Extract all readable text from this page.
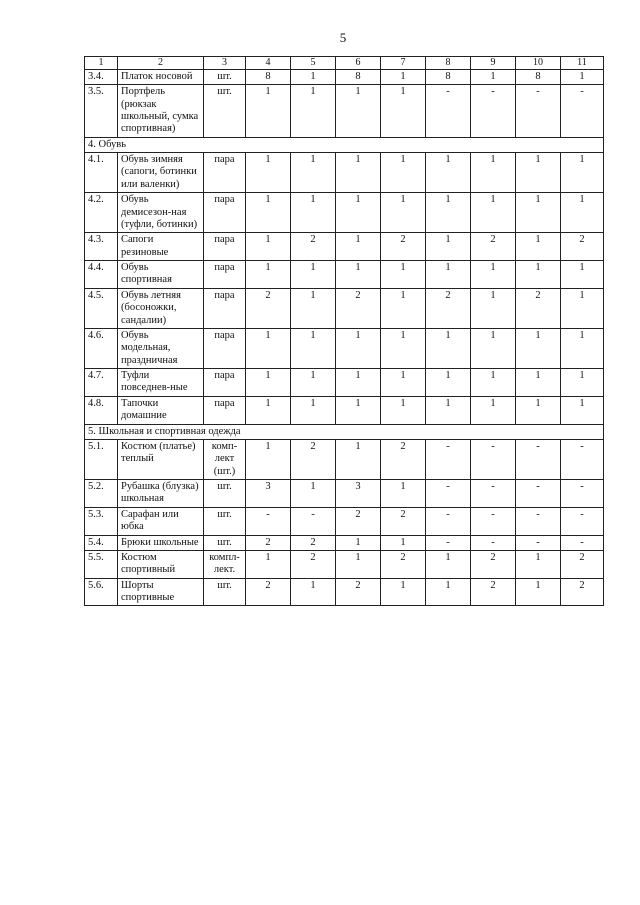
5
1	2	3	4	5	6	7	8	9	10	11
3.4.	Платок носовой	шт.	8	1	8	1	8	1	8	1
3.5.	Портфель (рюкзак школьный, сумка спортивная)	шт.	1	1	1	1	-	-	-	-
4. Обувь										
4.1.	Обувь зимняя (сапоги, ботинки или валенки)	пара	1	1	1	1	1	1	1	1
4.2.	Обувь демисезон-ная (туфли, ботинки)	пара	1	1	1	1	1	1	1	1
4.3.	Сапоги резиновые	пара	1	2	1	2	1	2	1	2
4.4.	Обувь спортивная	пара	1	1	1	1	1	1	1	1
4.5.	Обувь летняя (босоножки, сандалии)	пара	2	1	2	1	2	1	2	1
4.6.	Обувь модельная, праздничная	пара	1	1	1	1	1	1	1	1
4.7.	Туфли повседнев-ные	пара	1	1	1	1	1	1	1	1
4.8.	Тапочки домашние	пара	1	1	1	1	1	1	1	1
5. Школьная и спортивная одежда										
5.1.	Костюм (платье) теплый	комп-лект (шт.)	1	2	1	2	-	-	-	-
5.2.	Рубашка (блузка) школьная	шт.	3	1	3	1	-	-	-	-
5.3.	Сарафан или юбка	шт.	-	-	2	2	-	-	-	-
5.4.	Брюки школьные	шт.	2	2	1	1	-	-	-	-
5.5.	Костюм спортивный	компл-лект.	1	2	1	2	1	2	1	2
5.6.	Шорты спортивные	шт.	2	1	2	1	1	2	1	2
